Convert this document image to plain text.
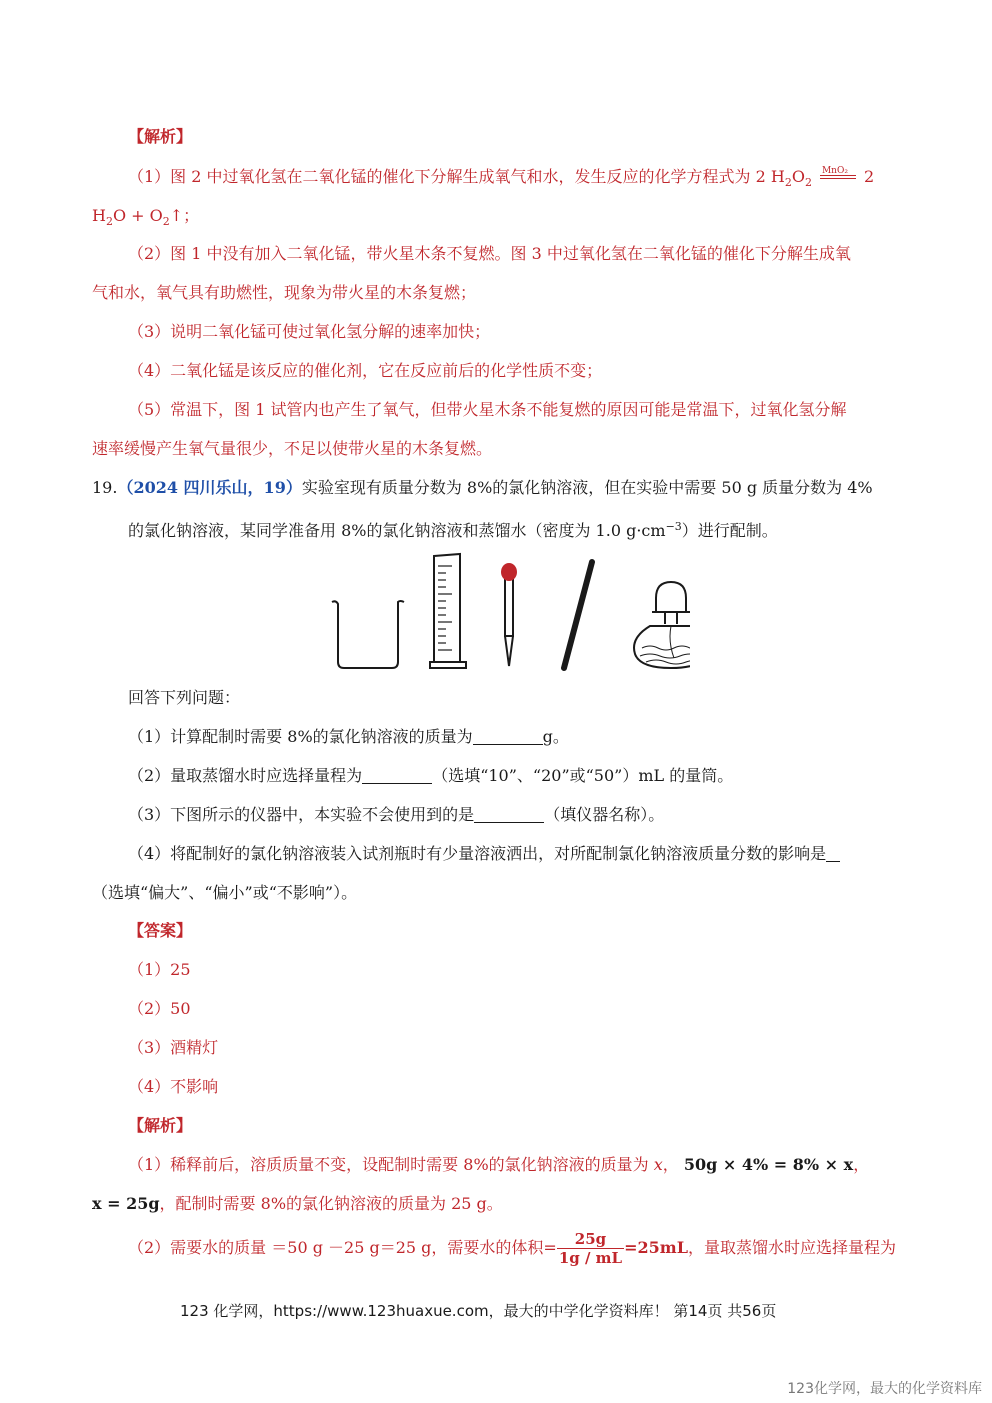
【解析】
（1）图 2 中过氧化氢在二氧化锰的催化下分解生成氧气和水，发生反应的化学方程式为 2 $H_2O_2$
MnO₂ 2
$H_2O$ + $O_2↑$；
（2）图 1 中没有加入二氧化锰，带火星木条不复燃。图 3 中过氧化氢在二氧化锰的催化下分解生成氧
气和水，氧气具有助燃性，现象为带火星的木条复燃；
（3）说明二氧化锰可使过氧化氢分解的速率加快；
（4）二氧化锰是该反应的催化剂，它在反应前后的化学性质不变；
（5）常温下，图 1 试管内也产生了氧气，但带火星木条不能复燃的原因可能是常温下，过氧化氢分解
速率缓慢产生氧气量很少，不足以使带火星的木条复燃。
19.（2024 四川乐山，19）实验室现有质量分数为 8%的氯化钠溶液，但在实验中需要 50 g 质量分数为 4%
的氯化钠溶液，某同学准备用 8%的氯化钠溶液和蒸馏水（密度为 1.0 $g\cdot cm^{-3}$）进行配制。
回答下列问题：
（1）计算配制时需要 8%的氯化钠溶液的质量为	g。
（2）量取蒸馏水时应选择量程为	（选填“10”、“20”或“50”）mL 的量筒。
（3）下图所示的仪器中，本实验不会使用到的是	（填仪器名称）。
（4）将配制好的氯化钠溶液装入试剂瓶时有少量溶液洒出，对所配制氯化钠溶液质量分数的影响是
（选填“偏大”、“偏小”或“不影响”）。
【答案】
（1）25
（2）50
（3）酒精灯
（4）不影响
【解析】
（1）稀释前后，溶质质量不变，设配制时需要 8%的氯化钠溶液的质量为 x， 50g × 4% = 8% × x，
x = 25g，配制时需要 8%的氯化钠溶液的质量为 25 g。
（2）需要水的质量 ＝50 g －25 g＝25 g，需要水的体积= $\frac{25g}{1g / mL} =25mL$，量取蒸馏水时应选择量程为
123 化学网，https://www.123huaxue.com，最大的中学化学资料库！ 第14页 共56页
123化学网，最大的化学资料库
